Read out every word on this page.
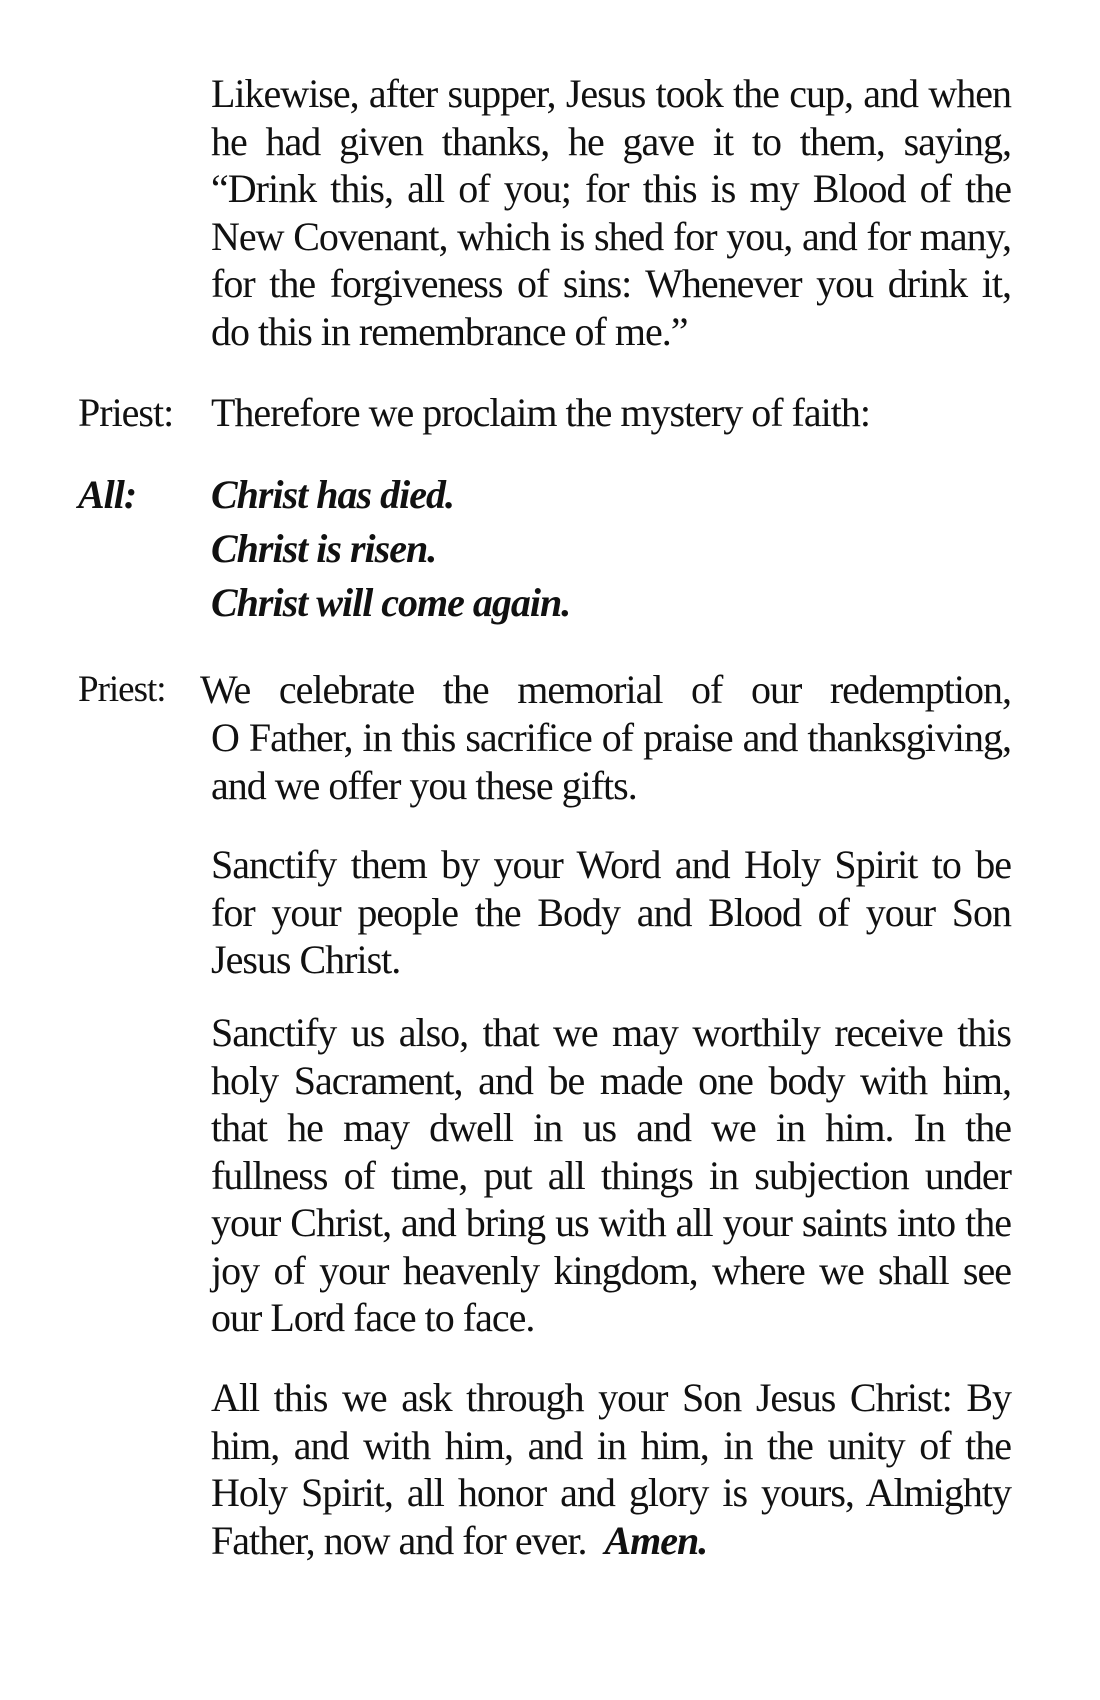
Likewise, after supper, Jesus took the cup, and when he had given thanks, he gave it to them, saying, “Drink this, all of you; for this is my Blood of the New Covenant, which is shed for you, and for many, for the forgiveness of sins: Whenever you drink it, do this in remembrance of me.”
Priest: Therefore we proclaim the mystery of faith:
All: Christ has died.
Christ is risen.
Christ will come again.
Priest: We celebrate the memorial of our redemption,
O Father, in this sacrifice of praise and thanksgiving, and we offer you these gifts.
Sanctify them by your Word and Holy Spirit to be for your people the Body and Blood of your Son Jesus Christ.
Sanctify us also, that we may worthily receive this holy Sacrament, and be made one body with him, that he may dwell in us and we in him. In the fullness of time, put all things in subjection under your Christ, and bring us with all your saints into the joy of your heavenly kingdom, where we shall see our Lord face to face.
All this we ask through your Son Jesus Christ: By him, and with him, and in him, in the unity of the Holy Spirit, all honor and glory is yours, Almighty Father, now and for ever. Amen.
